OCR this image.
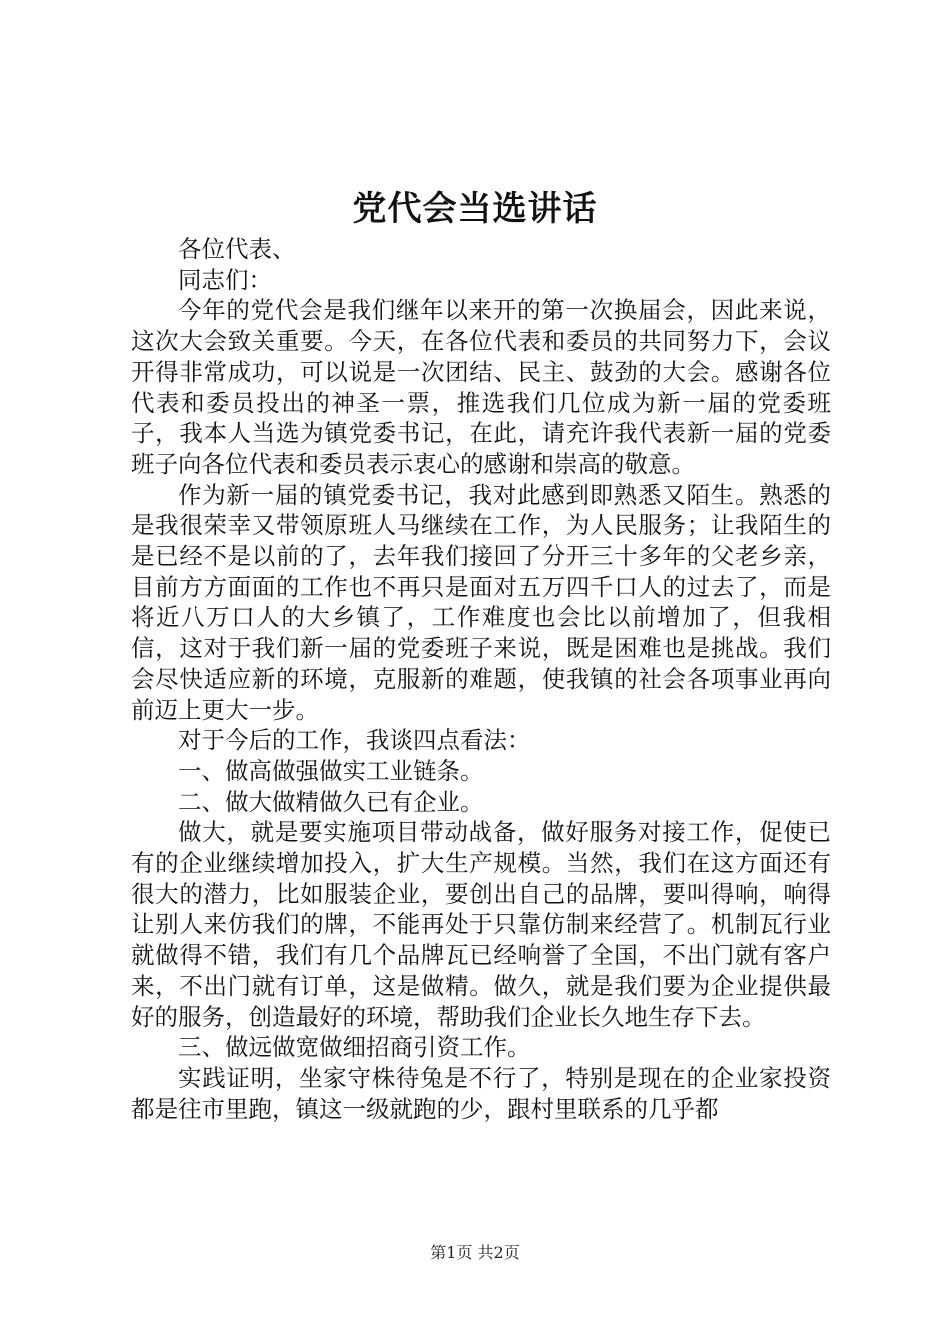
党代会当选讲话

各位代表、

同志们：

今年的党代会是我们继年以来开的第一次换届会，因此来说，这次大会致关重要。今天，在各位代表和委员的共同努力下，会议开得非常成功，可以说是一次团结、民主、鼓劲的大会。感谢各位代表和委员投出的神圣一票，推选我们几位成为新一届的党委班子，我本人当选为镇党委书记，在此，请充许我代表新一届的党委班子向各位代表和委员表示衷心的感谢和崇高的敬意。

作为新一届的镇党委书记，我对此感到即熟悉又陌生。熟悉的是我很荣幸又带领原班人马继续在工作，为人民服务；让我陌生的是已经不是以前的了，去年我们接回了分开三十多年的父老乡亲，目前方方面面的工作也不再只是面对五万四千口人的过去了，而是将近八万口人的大乡镇了，工作难度也会比以前增加了，但我相信，这对于我们新一届的党委班子来说，既是困难也是挑战。我们会尽快适应新的环境，克服新的难题，使我镇的社会各项事业再向前迈上更大一步。

对于今后的工作，我谈四点看法：

一、做高做强做实工业链条。

二、做大做精做久已有企业。

做大，就是要实施项目带动战备，做好服务对接工作，促使已有的企业继续增加投入，扩大生产规模。当然，我们在这方面还有很大的潜力，比如服装企业，要创出自己的品牌，要叫得响，响得让别人来仿我们的牌，不能再处于只靠仿制来经营了。机制瓦行业就做得不错，我们有几个品牌瓦已经响誉了全国，不出门就有客户来，不出门就有订单，这是做精。做久，就是我们要为企业提供最好的服务，创造最好的环境，帮助我们企业长久地生存下去。

三、做远做宽做细招商引资工作。

实践证明，坐家守株待兔是不行了，特别是现在的企业家投资都是往市里跑，镇这一级就跑的少，跟村里联系的几乎都

第1页 共2页
